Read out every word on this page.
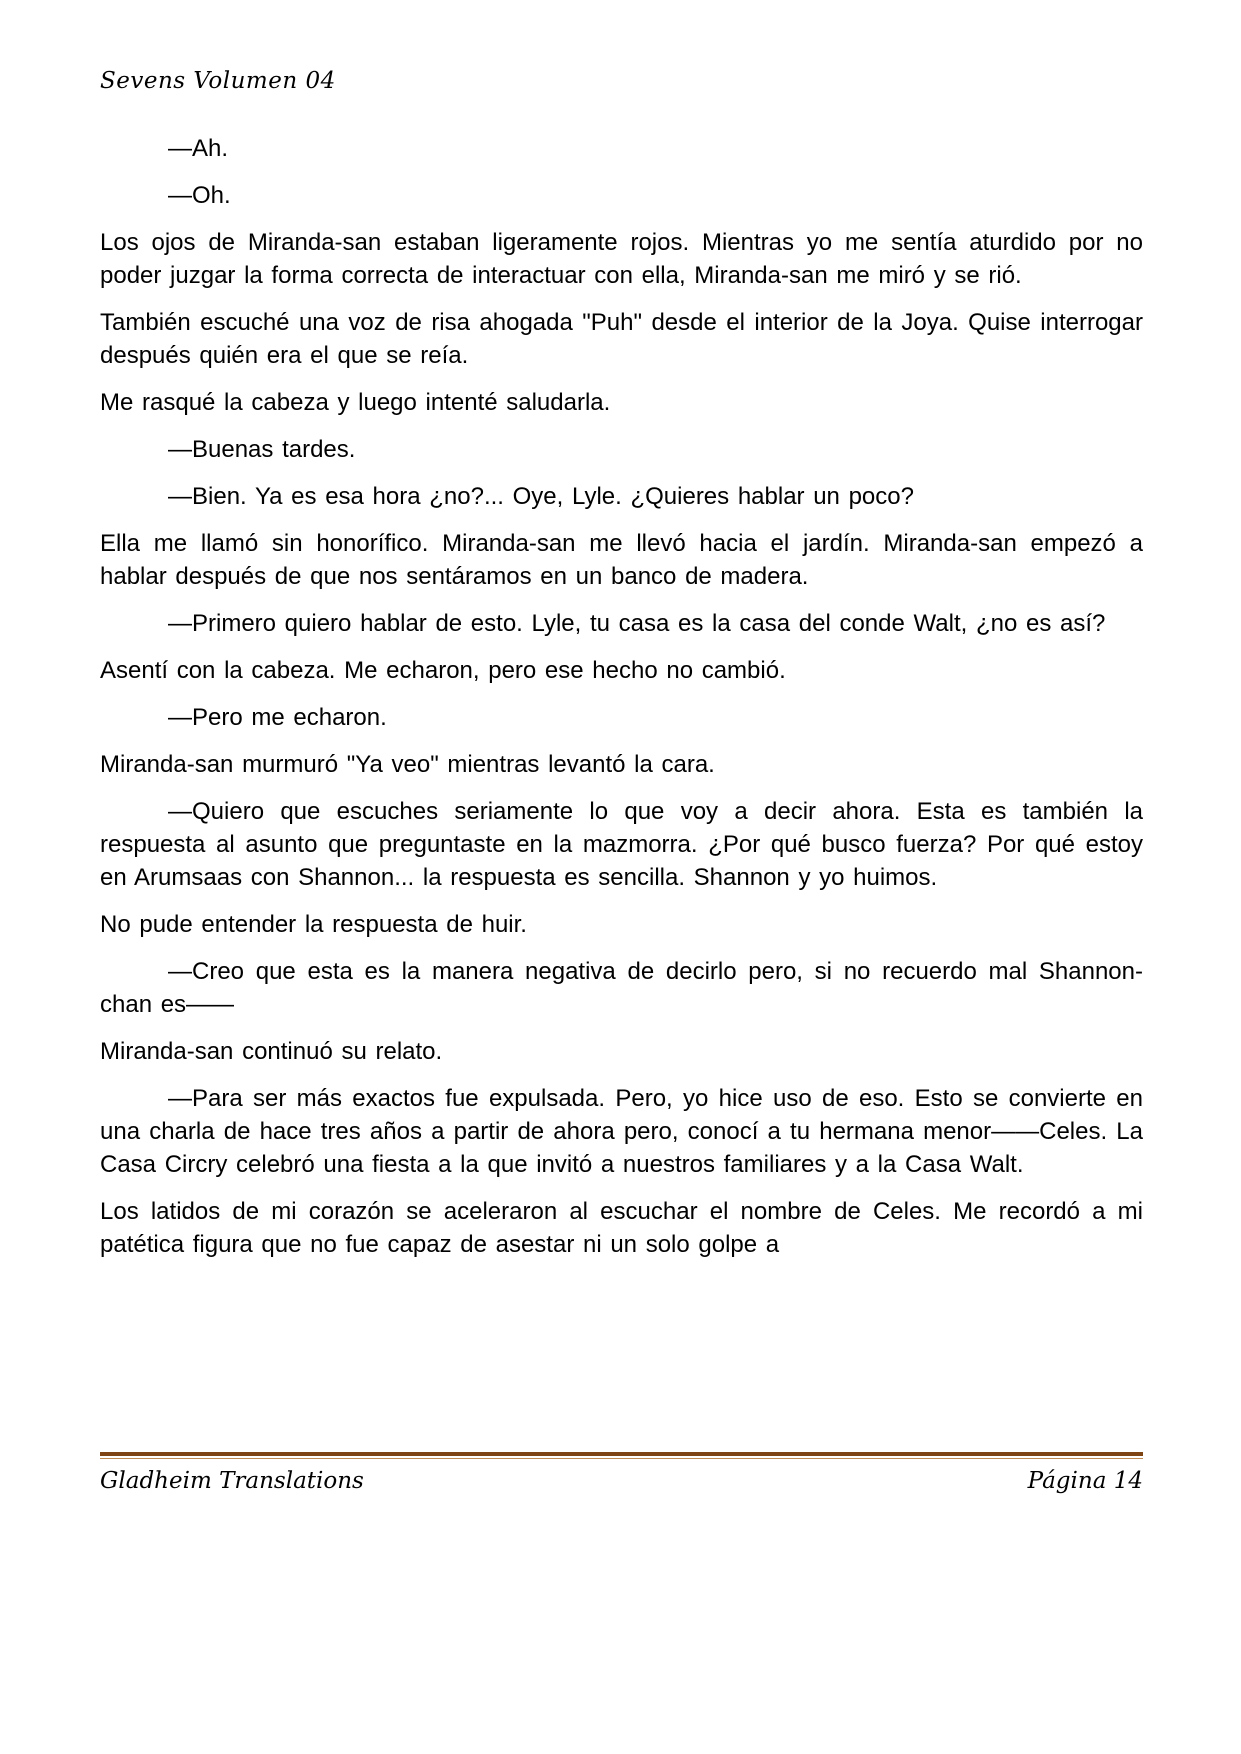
Sevens Volumen 04

—Ah.

—Oh.

Los ojos de Miranda-san estaban ligeramente rojos. Mientras yo me sentía aturdido por no poder juzgar la forma correcta de interactuar con ella, Miranda-san me miró y se rió.

También escuché una voz de risa ahogada "Puh" desde el interior de la Joya. Quise interrogar después quién era el que se reía.

Me rasqué la cabeza y luego intenté saludarla.

—Buenas tardes.

—Bien. Ya es esa hora ¿no?... Oye, Lyle. ¿Quieres hablar un poco?

Ella me llamó sin honorífico. Miranda-san me llevó hacia el jardín. Miranda-san empezó a hablar después de que nos sentáramos en un banco de madera.

—Primero quiero hablar de esto. Lyle, tu casa es la casa del conde Walt, ¿no es así?

Asentí con la cabeza. Me echaron, pero ese hecho no cambió.

—Pero me echaron.

Miranda-san murmuró "Ya veo" mientras levantó la cara.

—Quiero que escuches seriamente lo que voy a decir ahora. Esta es también la respuesta al asunto que preguntaste en la mazmorra. ¿Por qué busco fuerza? Por qué estoy en Arumsaas con Shannon... la respuesta es sencilla. Shannon y yo huimos.

No pude entender la respuesta de huir.

—Creo que esta es la manera negativa de decirlo pero, si no recuerdo mal Shannon-chan es——

Miranda-san continuó su relato.

—Para ser más exactos fue expulsada. Pero, yo hice uso de eso. Esto se convierte en una charla de hace tres años a partir de ahora pero, conocí a tu hermana menor——Celes. La Casa Circry celebró una fiesta a la que invitó a nuestros familiares y a la Casa Walt.

Los latidos de mi corazón se aceleraron al escuchar el nombre de Celes. Me recordó a mi patética figura que no fue capaz de asestar ni un solo golpe a

Gladheim Translations	Página 14
